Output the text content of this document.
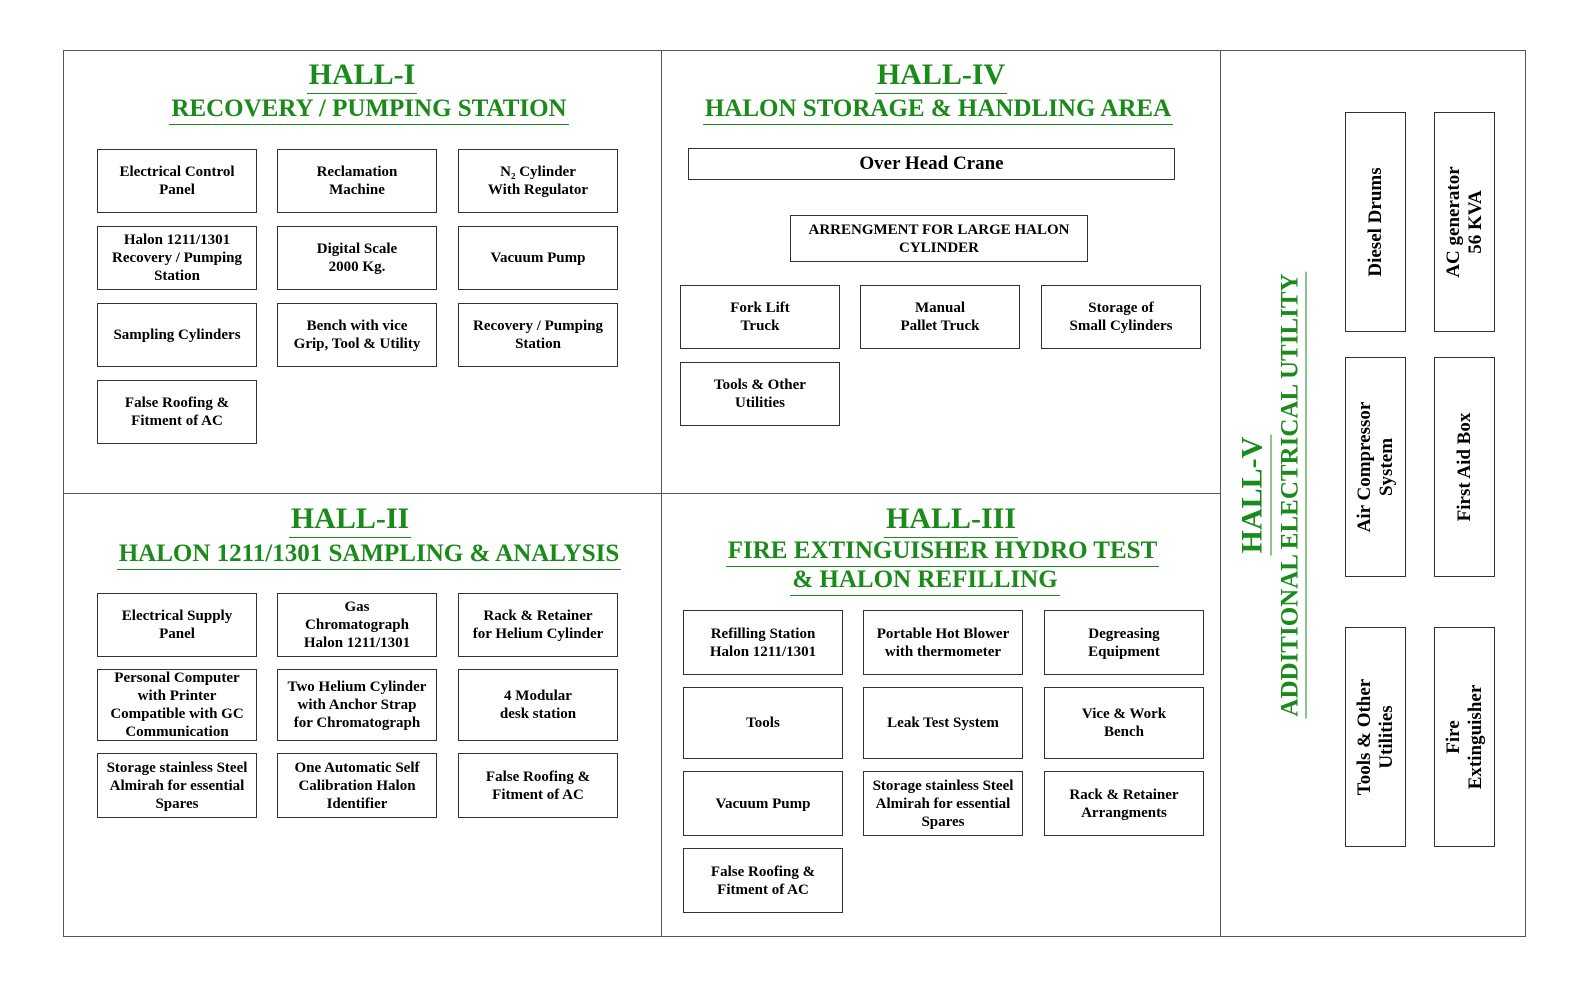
HALL-I
RECOVERY / PUMPING STATION
Electrical Control
Panel
Reclamation
Machine
N₂ Cylinder
With Regulator
Halon 1211/1301
Recovery / Pumping
Station
Digital Scale
2000 Kg.
Vacuum Pump
Sampling Cylinders
Bench with vice
Grip, Tool & Utility
Recovery / Pumping
Station
False Roofing &
Fitment of AC
HALL-IV
HALON STORAGE & HANDLING AREA
Over Head Crane
ARRENGMENT FOR LARGE HALON
CYLINDER
Fork Lift
Truck
Manual
Pallet Truck
Storage of
Small Cylinders
Tools & Other
Utilities
HALL-II
HALON 1211/1301 SAMPLING & ANALYSIS
Electrical Supply
Panel
Gas
Chromatograph
Halon 1211/1301
Rack & Retainer
for Helium Cylinder
Personal Computer
with Printer
Compatible with GC
Communication
Two Helium Cylinder
with Anchor Strap
for Chromatograph
4 Modular
desk station
Storage stainless Steel
Almirah for essential
Spares
One Automatic Self
Calibration Halon
Identifier
False Roofing &
Fitment of AC
HALL-III
FIRE EXTINGUISHER HYDRO TEST
& HALON REFILLING
Refilling Station
Halon 1211/1301
Portable Hot Blower
with thermometer
Degreasing
Equipment
Tools	Leak Test System
Vice & Work
Bench
Vacuum Pump
Storage stainless Steel
Almirah for essential
Spares
Rack & Retainer
Arrangments
False Roofing &
Fitment of AC
HALL-V ADDITIONAL ELECTRICAL UTILITY
Diesel Drums	AC generator
56 KVA
Air Compressor
System	First Aid Box
Tools & Other
Utilities Fire
Extinguisher
